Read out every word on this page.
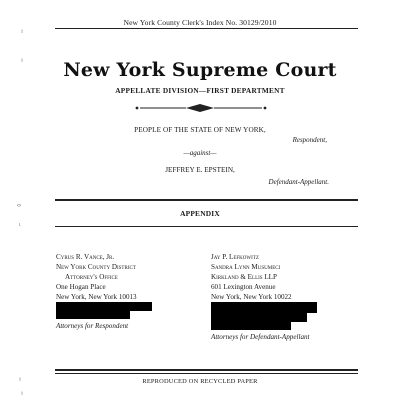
New York County Clerk's Index No. 30129/2010
New York Supreme Court
APPELLATE DIVISION—FIRST DEPARTMENT
PEOPLE OF THE STATE OF NEW YORK,
Respondent,
—against—
JEFFREY E. EPSTEIN,
Defendant-Appellant.
APPENDIX
Cyrus R. Vance, Jr.
New York County District
Attorney's Office
One Hogan Place
New York, New York 10013
Attorneys for Respondent
Jay P. Lefkowitz
Sandra Lynn Musumeci
Kirkland & Ellis LLP
601 Lexington Avenue
New York, New York 10022
Attorneys for Defendant-Appellant
REPRODUCED ON RECYCLED PAPER
¹
¹
‹›
ᶫ
¹
¹
